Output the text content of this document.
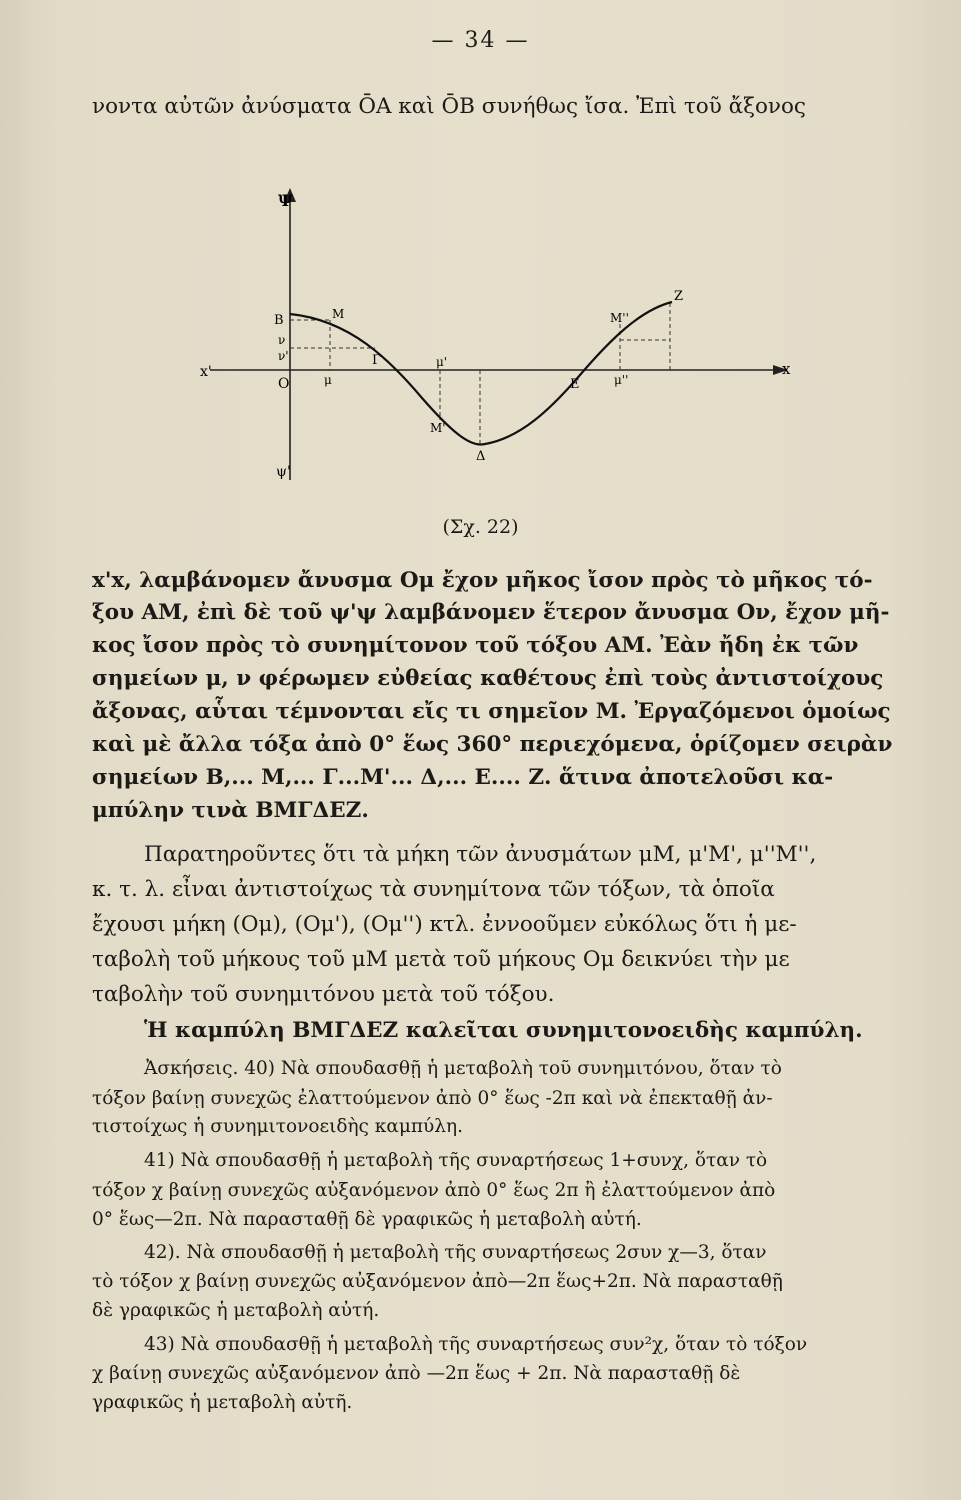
— 34 —
νοντα αὐτῶν ἀνύσματα ŌA καὶ ŌB συνήθως ἴσα. Ἐπὶ τοῦ ἄξονος
Ψ
ψ'
x
x'
O
B	M
M'
M''
Γ
Δ
E
Z
μ
μ'
μ''
ν
ν'
(Σχ. 22)
x'x, λαμβάνομεν ἄνυσμα Ομ ἔχον μῆκος ἴσον πρὸς τὸ μῆκος τό-
ξου ΑΜ, ἐπὶ δὲ τοῦ ψ'ψ λαμβάνομεν ἕτερον ἄνυσμα Ον, ἔχον μῆ-
κος ἴσον πρὸς τὸ συνημίτονον τοῦ τόξου ΑΜ. Ἐὰν ἤδη ἐκ τῶν
σημείων μ, ν φέρωμεν εὐθείας καθέτους ἐπὶ τοὺς ἀντιστοίχους
ἄξονας, αὗται τέμνονται εἴς τι σημεῖον Μ. Ἐργαζόμενοι ὁμοίως
καὶ μὲ ἄλλα τόξα ἀπὸ 0° ἕως 360° περιεχόμενα, ὁρίζομεν σειρὰν
σημείων Β,... Μ,... Γ...Μ'... Δ,... Ε.... Ζ. ἅτινα ἀποτελοῦσι κα-
μπύλην τινὰ ΒΜΓΔΕΖ.
Παρατηροῦντες ὅτι τὰ μήκη τῶν ἀνυσμάτων μΜ, μ'Μ', μ''Μ'',
κ. τ. λ. εἶναι ἀντιστοίχως τὰ συνημίτονα τῶν τόξων, τὰ ὁποῖα
ἔχουσι μήκη (Ομ), (Ομ'), (Ομ'') κτλ. ἐννοοῦμεν εὐκόλως ὅτι ἡ με-
ταβολὴ τοῦ μήκους τοῦ μΜ μετὰ τοῦ μήκους Ομ δεικνύει τὴν με
ταβολὴν τοῦ συνημιτόνου μετὰ τοῦ τόξου.
Ἡ καμπύλη ΒΜΓΔΕΖ καλεῖται συνημιτονοειδὴς καμπύλη.
Ἀσκήσεις. 40) Νὰ σπουδασθῇ ἡ μεταβολὴ τοῦ συνημιτόνου, ὅταν τὸ
τόξον βαίνῃ συνεχῶς ἐλαττούμενον ἀπὸ 0° ἕως -2π καὶ νὰ ἐπεκταθῇ ἀν-
τιστοίχως ἡ συνημιτονοειδὴς καμπύλη.
41) Νὰ σπουδασθῇ ἡ μεταβολὴ τῆς συναρτήσεως 1+συνχ, ὅταν τὸ
τόξον χ βαίνῃ συνεχῶς αὐξανόμενον ἀπὸ 0° ἕως 2π ἢ ἐλαττούμενον ἀπὸ
0° ἕως—2π. Νὰ παρασταθῇ δὲ γραφικῶς ἡ μεταβολὴ αὐτή.
42). Νὰ σπουδασθῇ ἡ μεταβολὴ τῆς συναρτήσεως 2συν χ—3, ὅταν
τὸ τόξον χ βαίνῃ συνεχῶς αὐξανόμενον ἀπὸ—2π ἕως+2π. Νὰ παρασταθῇ
δὲ γραφικῶς ἡ μεταβολὴ αὐτή.
43) Νὰ σπουδασθῇ ἡ μεταβολὴ τῆς συναρτήσεως συν²χ, ὅταν τὸ τόξον
χ βαίνῃ συνεχῶς αὐξανόμενον ἀπὸ —2π ἕως + 2π. Νὰ παρασταθῇ δὲ
γραφικῶς ἡ μεταβολὴ αὐτῆ.
